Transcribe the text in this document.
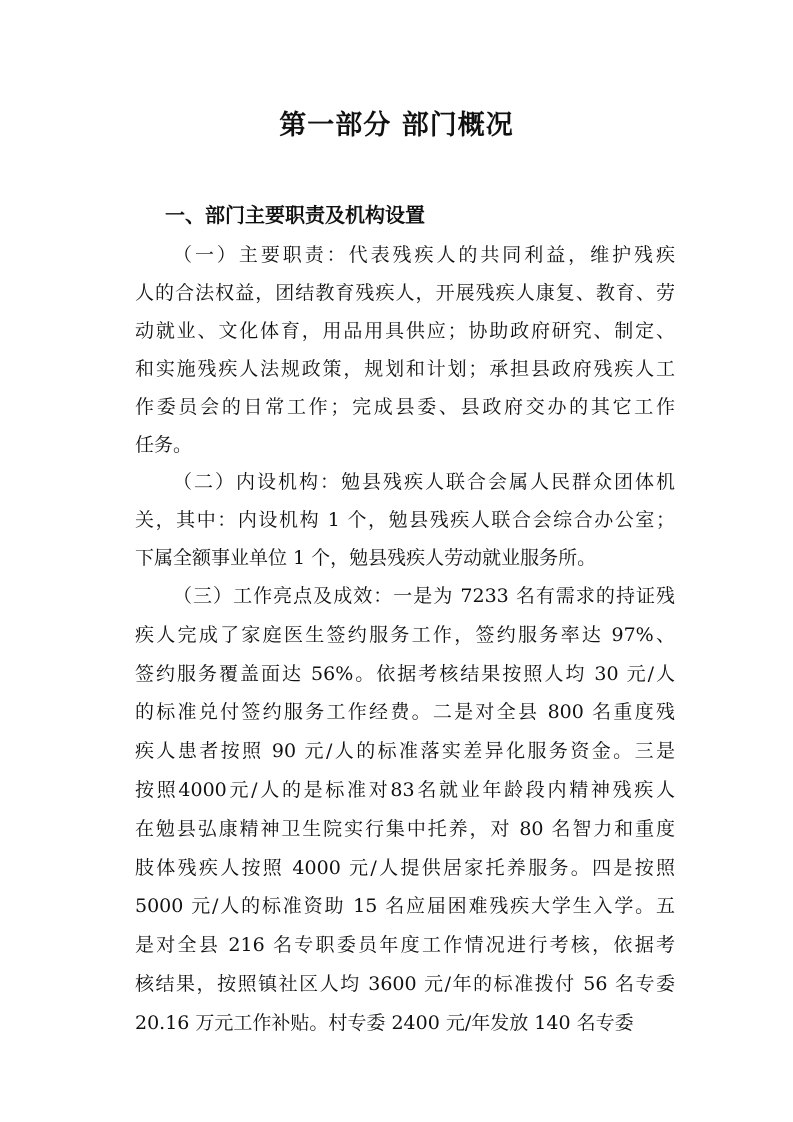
第一部分 部门概况
一、部门主要职责及机构设置
（一）主要职责：代表残疾人的共同利益，维护残疾
人的合法权益，团结教育残疾人，开展残疾人康复、教育、劳
动就业、文化体育，用品用具供应；协助政府研究、制定、
和实施残疾人法规政策，规划和计划；承担县政府残疾人工
作委员会的日常工作；完成县委、县政府交办的其它工作
任务。
（二）内设机构：勉县残疾人联合会属人民群众团体机
关，其中：内设机构 1 个，勉县残疾人联合会综合办公室；
下属全额事业单位 1 个，勉县残疾人劳动就业服务所。
（三）工作亮点及成效：一是为 7233 名有需求的持证残
疾人完成了家庭医生签约服务工作，签约服务率达 97%、
签约服务覆盖面达 56%。依据考核结果按照人均 30 元/人
的标准兑付签约服务工作经费。二是对全县 800 名重度残
疾人患者按照 90 元/人的标准落实差异化服务资金。三是
按照4000元/人的是标准对83名就业年龄段内精神残疾人
在勉县弘康精神卫生院实行集中托养，对 80 名智力和重度
肢体残疾人按照 4000 元/人提供居家托养服务。四是按照
5000 元/人的标准资助 15 名应届困难残疾大学生入学。五
是对全县 216 名专职委员年度工作情况进行考核，依据考
核结果，按照镇社区人均 3600 元/年的标准拨付 56 名专委
20.16 万元工作补贴。村专委 2400 元/年发放 140 名专委
